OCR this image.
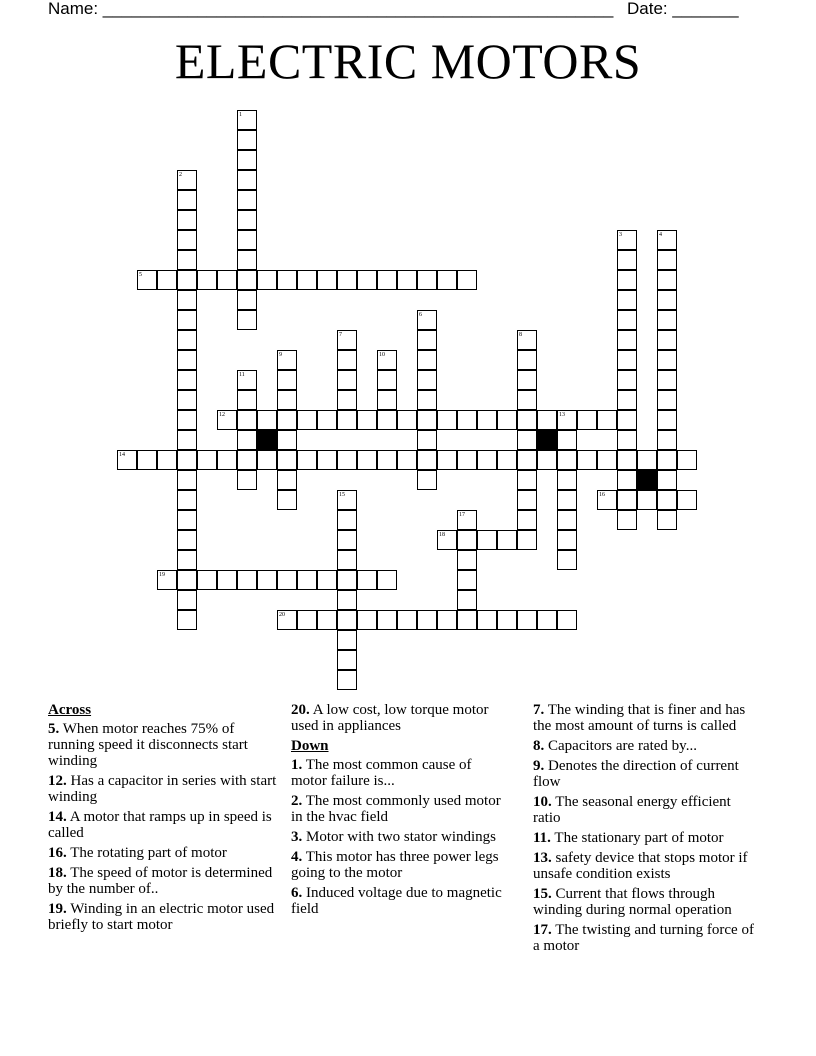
Name: ______________________________________________________ Date: _______
ELECTRIC MOTORS
1
2
3	4
5
6
7	8
9	10
11
12	13
14
15	16
17
18
19
20
Across
5. When motor reaches 75% of running speed it disconnects start winding
12. Has a capacitor in series with start winding
14. A motor that ramps up in speed is called
16. The rotating part of motor
18. The speed of motor is determined by the number of..
19. Winding in an electric motor used briefly to start motor
20. A low cost, low torque motor used in appliances
Down
1. The most common cause of motor failure is...
2. The most commonly used motor in the hvac field
3. Motor with two stator windings
4. This motor has three power legs going to the motor
6. Induced voltage due to magnetic field
7. The winding that is finer and has the most amount of turns is called
8. Capacitors are rated by...
9. Denotes the direction of current flow
10. The seasonal energy efficient ratio
11. The stationary part of motor
13. safety device that stops motor if unsafe condition exists
15. Current that flows through winding during normal operation
17. The twisting and turning force of a motor
